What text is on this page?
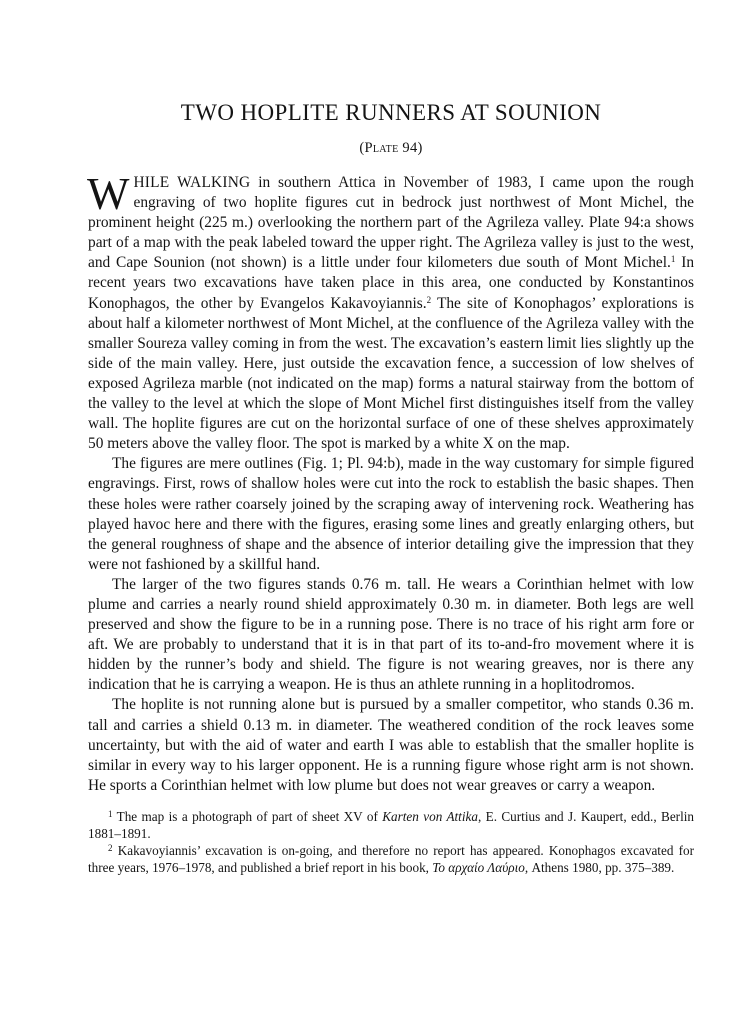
TWO HOPLITE RUNNERS AT SOUNION
(Plate 94)

WHILE WALKING in southern Attica in November of 1983, I came upon the rough engraving of two hoplite figures cut in bedrock just northwest of Mont Michel, the prominent height (225 m.) overlooking the northern part of the Agrileza valley. Plate 94:a shows part of a map with the peak labeled toward the upper right. The Agrileza valley is just to the west, and Cape Sounion (not shown) is a little under four kilometers due south of Mont Michel.$^1$ In recent years two excavations have taken place in this area, one conducted by Konstantinos Konophagos, the other by Evangelos Kakavoyiannis.$^2$ The site of Konophagos’ explorations is about half a kilometer northwest of Mont Michel, at the confluence of the Agrileza valley with the smaller Soureza valley coming in from the west. The excavation’s eastern limit lies slightly up the side of the main valley. Here, just outside the excavation fence, a succession of low shelves of exposed Agrileza marble (not indicated on the map) forms a natural stairway from the bottom of the valley to the level at which the slope of Mont Michel first distinguishes itself from the valley wall. The hoplite figures are cut on the horizontal surface of one of these shelves approximately 50 meters above the valley floor. The spot is marked by a white X on the map.

The figures are mere outlines (Fig. 1; Pl. 94:b), made in the way customary for simple figured engravings. First, rows of shallow holes were cut into the rock to establish the basic shapes. Then these holes were rather coarsely joined by the scraping away of intervening rock. Weathering has played havoc here and there with the figures, erasing some lines and greatly enlarging others, but the general roughness of shape and the absence of interior detailing give the impression that they were not fashioned by a skillful hand.

The larger of the two figures stands 0.76 m. tall. He wears a Corinthian helmet with low plume and carries a nearly round shield approximately 0.30 m. in diameter. Both legs are well preserved and show the figure to be in a running pose. There is no trace of his right arm fore or aft. We are probably to understand that it is in that part of its to-and-fro movement where it is hidden by the runner’s body and shield. The figure is not wearing greaves, nor is there any indication that he is carrying a weapon. He is thus an athlete running in a hoplitodromos.

The hoplite is not running alone but is pursued by a smaller competitor, who stands 0.36 m. tall and carries a shield 0.13 m. in diameter. The weathered condition of the rock leaves some uncertainty, but with the aid of water and earth I was able to establish that the smaller hoplite is similar in every way to his larger opponent. He is a running figure whose right arm is not shown. He sports a Corinthian helmet with low plume but does not wear greaves or carry a weapon.

$^1$ The map is a photograph of part of sheet XV of Karten von Attika, E. Curtius and J. Kaupert, edd., Berlin 1881–1891.

$^2$ Kakavoyiannis’ excavation is on-going, and therefore no report has appeared. Konophagos excavated for three years, 1976–1978, and published a brief report in his book, Το αρχαίο Λαύριο, Athens 1980, pp. 375–389.
